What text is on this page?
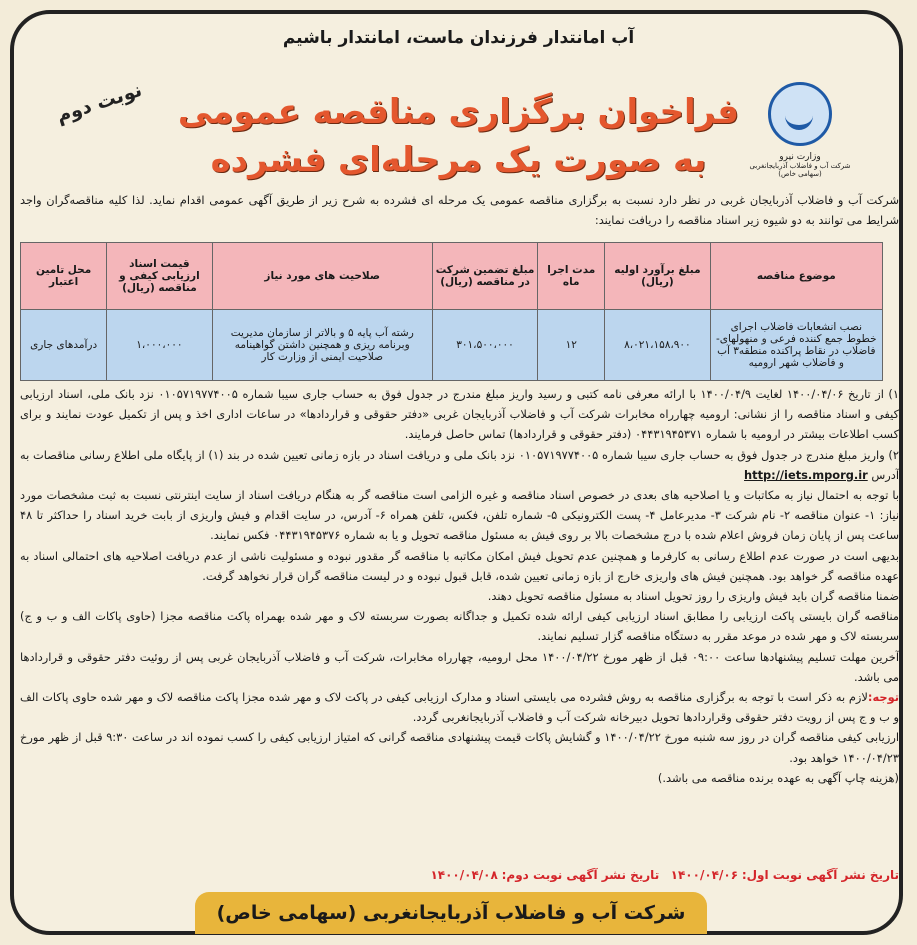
آب امانتدار فرزندان ماست، امانتدار باشیم
نوبت دوم
وزارت نیرو
شرکت آب و فاضلاب آذربایجانغربی (سهامی خاص)
فراخوان برگزاری مناقصه عمومی
به صورت یک مرحله‌ای فشرده
شرکت آب و فاضلاب آذربایجان غربی در نظر دارد نسبت به برگزاری مناقصه عمومی یک مرحله ای فشرده به شرح زیر از طریق آگهی عمومی اقدام نماید. لذا کلیه مناقصه‌گران واجد شرایط می توانند به دو شیوه زیر اسناد مناقصه را دریافت نمایند:
موضوع مناقصه	مبلغ برآورد اولیه (ریال)	مدت اجرا ماه	مبلغ تضمین شرکت در مناقصه (ریال)	صلاحیت های مورد نیاز	قیمت اسناد ارزیابی کیفی و مناقصه (ریال)	محل تامین اعتبار
نصب انشعابات فاضلاب اجرای خطوط جمع کننده فرعی و منهولهای- فاضلاب در نقاط پراکنده منطقه۳ آب و فاضلاب شهر ارومیه	۸،۰۲۱،۱۵۸،۹۰۰	۱۲	۳۰۱،۵۰۰،۰۰۰	رشته آب پایه ۵ و بالاتر از سازمان مدیریت وبرنامه ریزی و همچنین داشتن گواهینامه صلاحیت ایمنی از وزارت کار	۱،۰۰۰،۰۰۰	درآمدهای جاری

۱) از تاریخ ۱۴۰۰/۰۴/۰۶ لغایت ۱۴۰۰/۰۴/۹ با ارائه معرفی نامه کتبی و رسید واریز مبلغ مندرج در جدول فوق به حساب جاری سیبا شماره ۰۱۰۵۷۱۹۷۷۴۰۰۵ نزد بانک ملی، اسناد ارزیابی کیفی و اسناد مناقصه را از نشانی: ارومیه چهارراه مخابرات شرکت آب و فاضلاب آذربایجان غربی «دفتر حقوقی و قراردادها» در ساعات اداری اخذ و پس از تکمیل عودت نمایند و برای کسب اطلاعات بیشتر در ارومیه با شماره ۰۴۴۳۱۹۴۵۳۷۱ (دفتر حقوقی و قراردادها) تماس حاصل فرمایند.

۲) واریز مبلغ مندرج در جدول فوق به حساب جاری سیبا شماره ۰۱۰۵۷۱۹۷۷۴۰۰۵ نزد بانک ملی و دریافت اسناد در بازه زمانی تعیین شده در بند (۱) از پایگاه ملی اطلاع رسانی مناقصات به آدرس http://iets.mporg.ir

با توجه به احتمال نیاز به مکاتبات و یا اصلاحیه های بعدی در خصوص اسناد مناقصه و غیره الزامی است مناقصه گر به هنگام دریافت اسناد از سایت اینترنتی نسبت به ثبت مشخصات مورد نیاز: ۱- عنوان مناقصه ۲- نام شرکت ۳- مدیرعامل ۴- پست الکترونیکی ۵- شماره تلفن، فکس، تلفن همراه ۶- آدرس، در سایت اقدام و فیش واریزی از بابت خرید اسناد را حداکثر تا ۴۸ ساعت پس از پایان زمان فروش اعلام شده با درج مشخصات بالا بر روی فیش به مسئول مناقصه تحویل و یا به شماره ۰۴۴۳۱۹۴۵۳۷۶ فکس نمایند.

بدیهی است در صورت عدم اطلاع رسانی به کارفرما و همچنین عدم تحویل فیش امکان مکاتبه با مناقصه گر مقدور نبوده و مسئولیت ناشی از عدم دریافت اصلاحیه های احتمالی اسناد به عهده مناقصه گر خواهد بود. همچنین فیش های واریزی خارج از بازه زمانی تعیین شده، قابل قبول نبوده و در لیست مناقصه گران قرار نخواهد گرفت.

ضمنا مناقصه گران باید فیش واریزی را روز تحویل اسناد به مسئول مناقصه تحویل دهند.

مناقصه گران بایستی پاکت ارزیابی را مطابق اسناد ارزیابی کیفی ارائه شده تکمیل و جداگانه بصورت سربسته لاک و مهر شده بهمراه پاکت مناقصه مجزا (حاوی پاکات الف و ب و ج) سربسته لاک و مهر شده در موعد مقرر به دستگاه مناقصه گزار تسلیم نمایند.

آخرین مهلت تسلیم پیشنهادها ساعت ۰۹:۰۰ قبل از ظهر مورخ ۱۴۰۰/۰۴/۲۲ محل ارومیه، چهارراه مخابرات، شرکت آب و فاضلاب آذربایجان غربی پس از روئیت دفتر حقوقی و قراردادها می باشد.

توجه:لازم به ذکر است با توجه به برگزاری مناقصه به روش فشرده می بایستی اسناد و مدارک ارزیابی کیفی در پاکت لاک و مهر شده مجزا پاکت مناقصه لاک و مهر شده حاوی پاکات الف و ب و ج پس از رویت دفتر حقوقی وقراردادها تحویل دبیرخانه شرکت آب و فاضلاب آذربایجانغربی گردد.

ارزیابی کیفی مناقصه گران در روز سه شنبه مورخ ۱۴۰۰/۰۴/۲۲ و گشایش پاکات قیمت پیشنهادی مناقصه گرانی که امتیاز ارزیابی کیفی را کسب نموده اند در ساعت ۹:۳۰ قبل از ظهر مورخ ۱۴۰۰/۰۴/۲۳ خواهد بود.

(هزینه چاپ آگهی به عهده برنده مناقصه می باشد.)

تاریخ نشر آگهی نوبت اول: ۱۴۰۰/۰۴/۰۶   تاریخ نشر آگهی نوبت دوم: ۱۴۰۰/۰۴/۰۸
شرکت آب و فاضلاب آذربایجانغربی (سهامی خاص)
